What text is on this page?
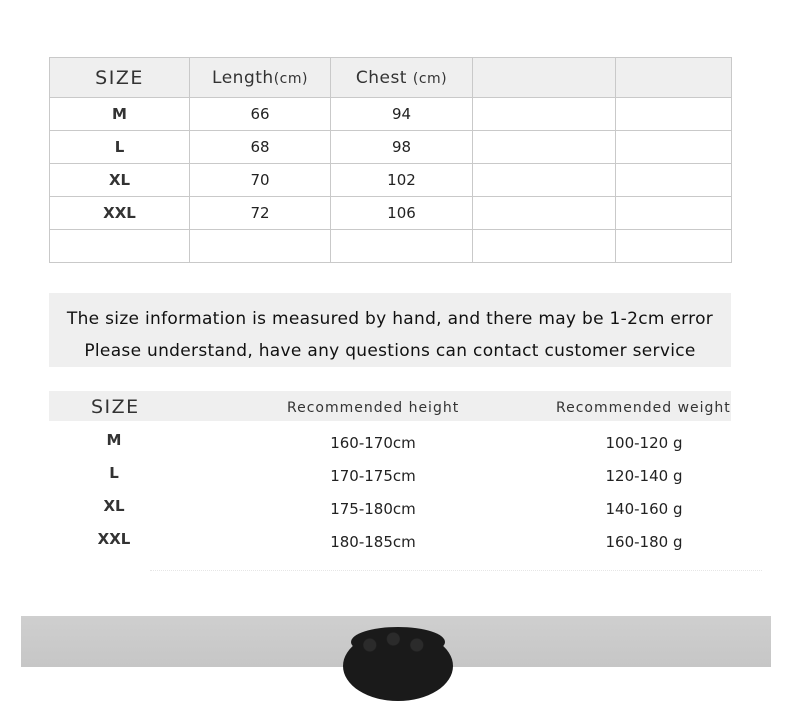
SIZE	Length(cm)	Chest (cm)		
M	66	94		
L	68	98		
XL	70	102		
XXL	72	106		

The size information is measured by hand, and there may be 1-2cm error

Please understand, have any questions can contact customer service

SIZE	Recommended height	Recommended weight
M	160-170cm	100-120 g
L	170-175cm	120-140 g
XL	175-180cm	140-160 g
XXL	180-185cm	160-180 g
